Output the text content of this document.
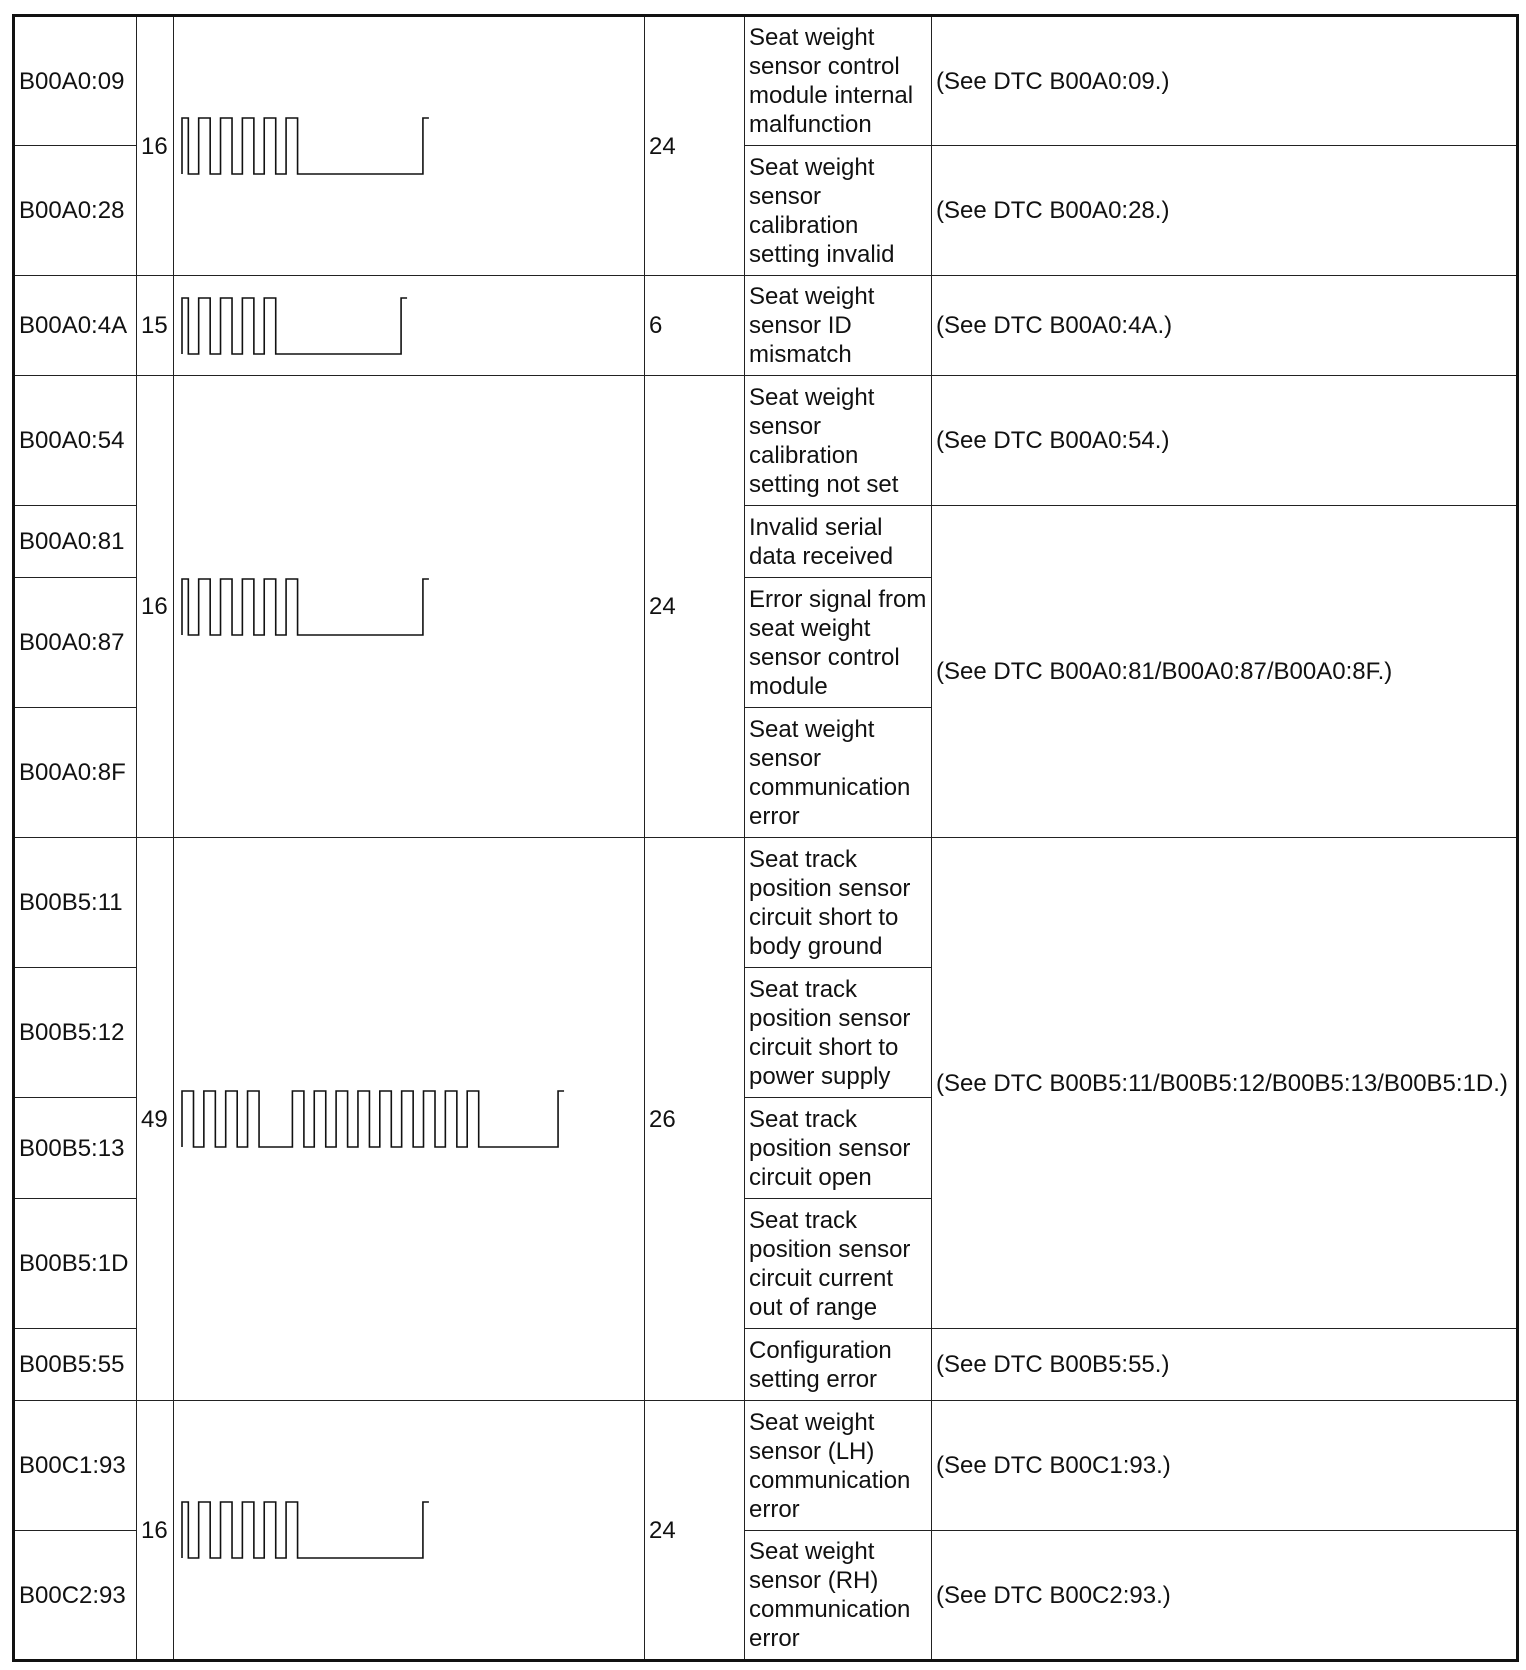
B00A0:09	16		24	Seat weight sensor control module internal malfunction	(See DTC B00A0:09.)
B00A0:28				Seat weight sensor calibration setting invalid	(See DTC B00A0:28.)
B00A0:4A	15		6	Seat weight sensor ID mismatch	(See DTC B00A0:4A.)
B00A0:54	16		24	Seat weight sensor calibration setting not set	(See DTC B00A0:54.)
B00A0:81				Invalid serial data received	(See DTC B00A0:81/B00A0:87/B00A0:8F.)
B00A0:87				Error signal from seat weight sensor control module	
B00A0:8F				Seat weight sensor communication error	
B00B5:11	49		26	Seat track position sensor circuit short to body ground	(See DTC B00B5:11/B00B5:12/B00B5:13/B00B5:1D.)
B00B5:12				Seat track position sensor circuit short to power supply	
B00B5:13				Seat track position sensor circuit open	
B00B5:1D				Seat track position sensor circuit current out of range	
B00B5:55				Configuration setting error	(See DTC B00B5:55.)
B00C1:93	16		24	Seat weight sensor (LH) communication error	(See DTC B00C1:93.)
B00C2:93				Seat weight sensor (RH) communication error	(See DTC B00C2:93.)
